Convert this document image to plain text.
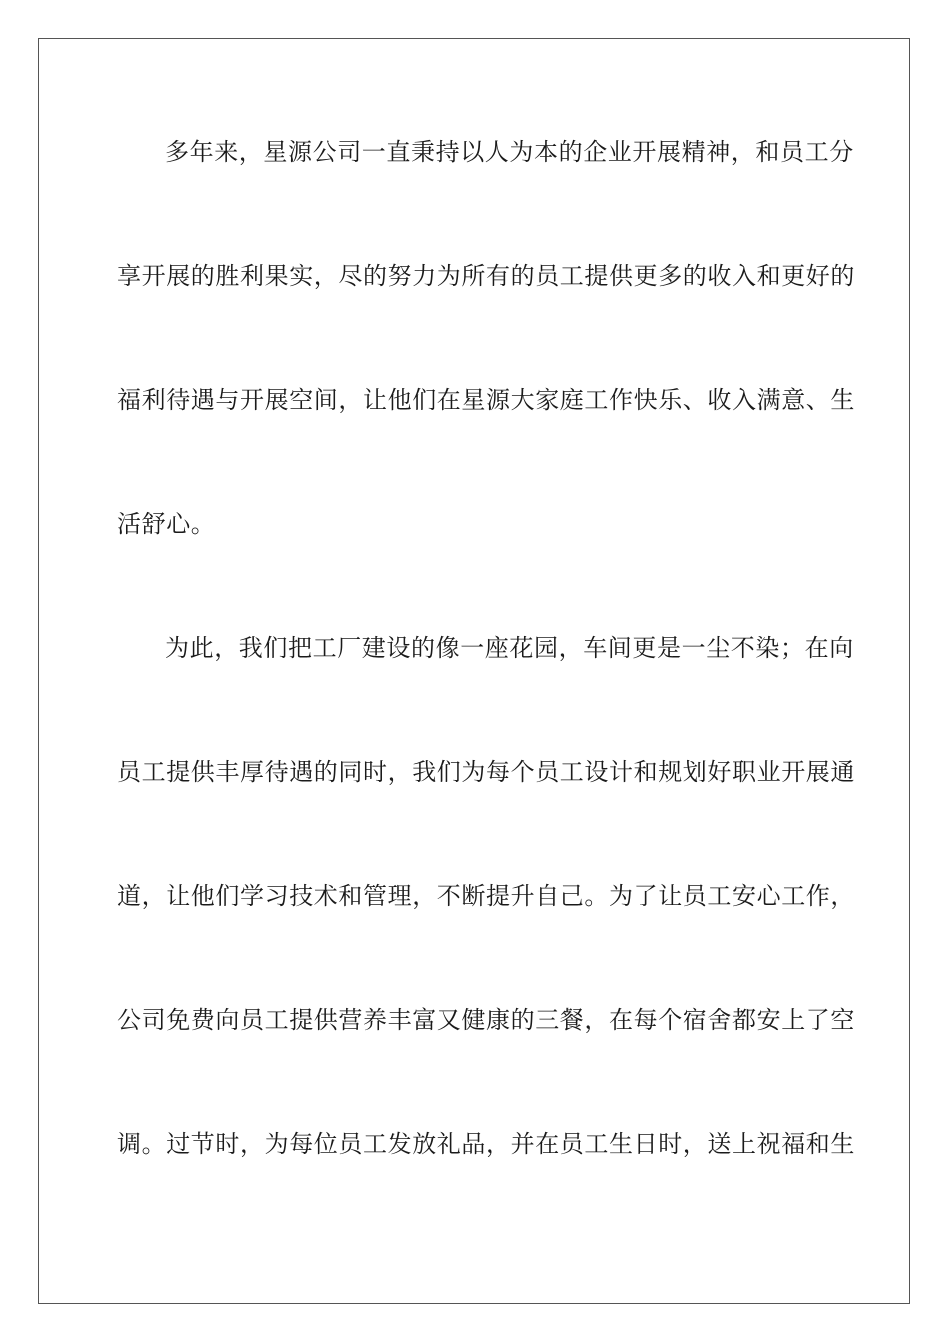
多年来，星源公司一直秉持以人为本的企业开展精神，和员工分
享开展的胜利果实，尽的努力为所有的员工提供更多的收入和更好的
福利待遇与开展空间，让他们在星源大家庭工作快乐、收入满意、生
活舒心。
为此，我们把工厂建设的像一座花园，车间更是一尘不染；在向
员工提供丰厚待遇的同时，我们为每个员工设计和规划好职业开展通
道，让他们学习技术和管理，不断提升自己。为了让员工安心工作，
公司免费向员工提供营养丰富又健康的三餐，在每个宿舍都安上了空
调。过节时，为每位员工发放礼品，并在员工生日时，送上祝福和生
